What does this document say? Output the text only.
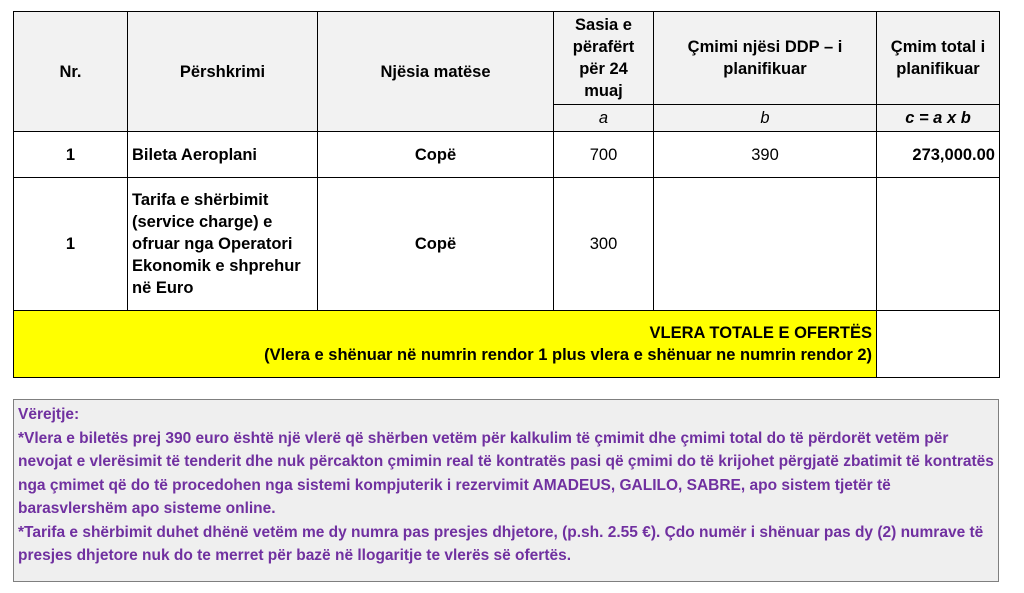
Nr.	Përshkrimi	Njësia matëse	Sasia e përafërt për 24 muaj	Çmimi njësi DDP – i planifikuar	Çmim total i planifikuar
			a	b	c = a x b
1	Bileta Aeroplani	Copë	700	390	273,000.00
1	Tarifa e shërbimit (service charge) e ofruar nga Operatori Ekonomik e shprehur në Euro	Copë	300		

VLERA TOTALE E OFERTËS
(Vlera e shënuar në numrin rendor 1 plus vlera e shënuar ne numrin rendor 2)					

Vërejtje:

*Vlera e biletës prej 390 euro është një vlerë që shërben vetëm për kalkulim të çmimit dhe çmimi total do të përdorët vetëm për nevojat e vlerësimit të tenderit dhe nuk përcakton çmimin real të kontratës pasi që çmimi do të krijohet përgjatë zbatimit të kontratës nga çmimet që do të procedohen nga sistemi kompjuterik i rezervimit AMADEUS, GALILO, SABRE, apo sistem tjetër të barasvlershëm apo sisteme online.

*Tarifa e shërbimit duhet dhënë vetëm me dy numra pas presjes dhjetore, (p.sh. 2.55 €). Çdo numër i shënuar pas dy (2) numrave të presjes dhjetore nuk do te merret për bazë në llogaritje te vlerës së ofertës.
